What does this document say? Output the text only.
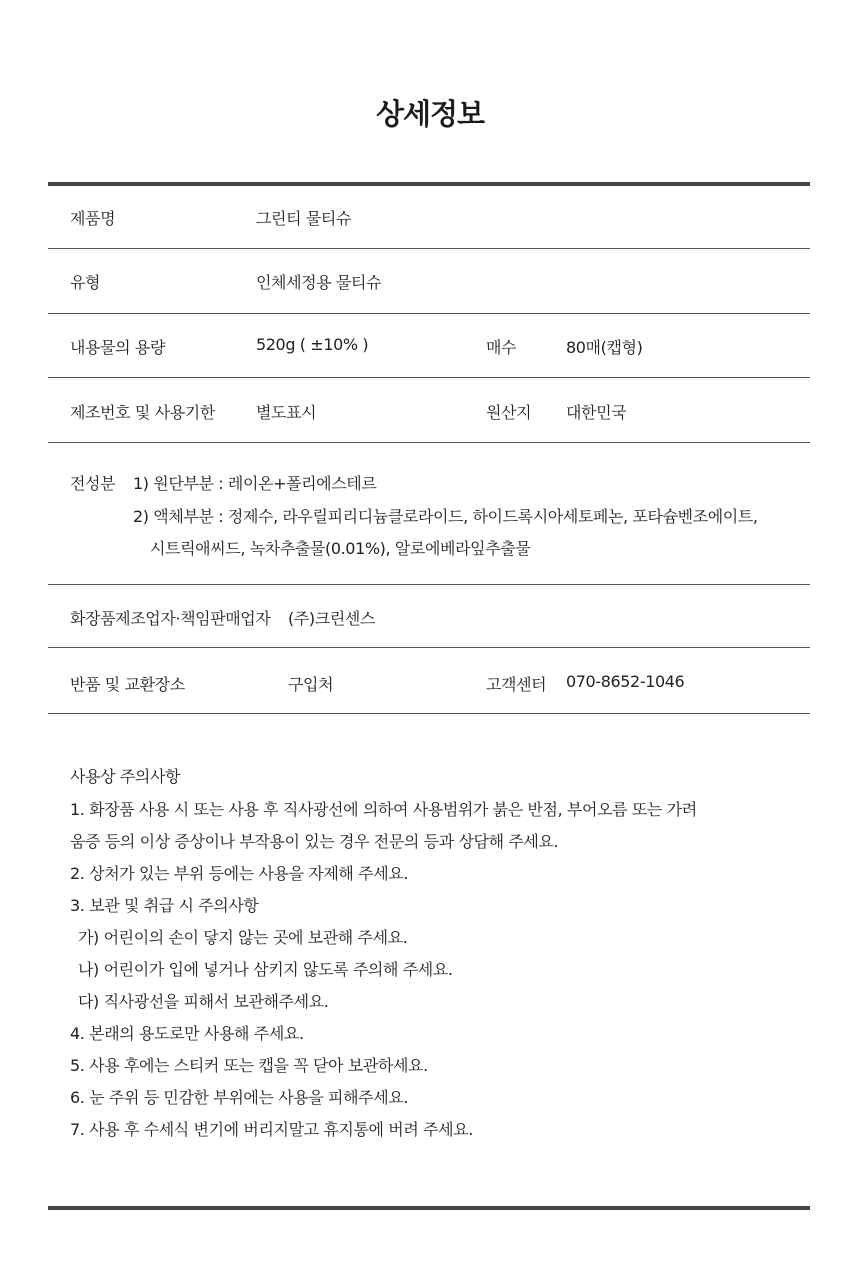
상세정보
제품명	그린티 물티슈
유형	인체세정용 물티슈
내용물의 용량	520g ( ±10% )	매수	80매(캡형)
제조번호 및 사용기한	별도표시	원산지 대한민국
전성분 1) 원단부분 : 레이온+폴리에스테르
2) 액체부분 : 정제수, 라우릴피리디늄클로라이드, 하이드록시아세토페논, 포타슘벤조에이트,
시트릭애씨드, 녹차추출물(0.01%), 알로에베라잎추출물
화장품제조업자·책임판매업자 (주)크린센스
반품 및 교환장소	구입처	고객센터 070-8652-1046
사용상 주의사항
1. 화장품 사용 시 또는 사용 후 직사광선에 의하여 사용범위가 붉은 반점, 부어오름 또는 가려
움증 등의 이상 증상이나 부작용이 있는 경우 전문의 등과 상담해 주세요.
2. 상처가 있는 부위 등에는 사용을 자제해 주세요.
3. 보관 및 취급 시 주의사항
가) 어린이의 손이 닿지 않는 곳에 보관해 주세요.
나) 어린이가 입에 넣거나 삼키지 않도록 주의해 주세요.
다) 직사광선을 피해서 보관해주세요.
4. 본래의 용도로만 사용해 주세요.
5. 사용 후에는 스티커 또는 캡을 꼭 닫아 보관하세요.
6. 눈 주위 등 민감한 부위에는 사용을 피해주세요.
7. 사용 후 수세식 변기에 버리지말고 휴지통에 버려 주세요.
